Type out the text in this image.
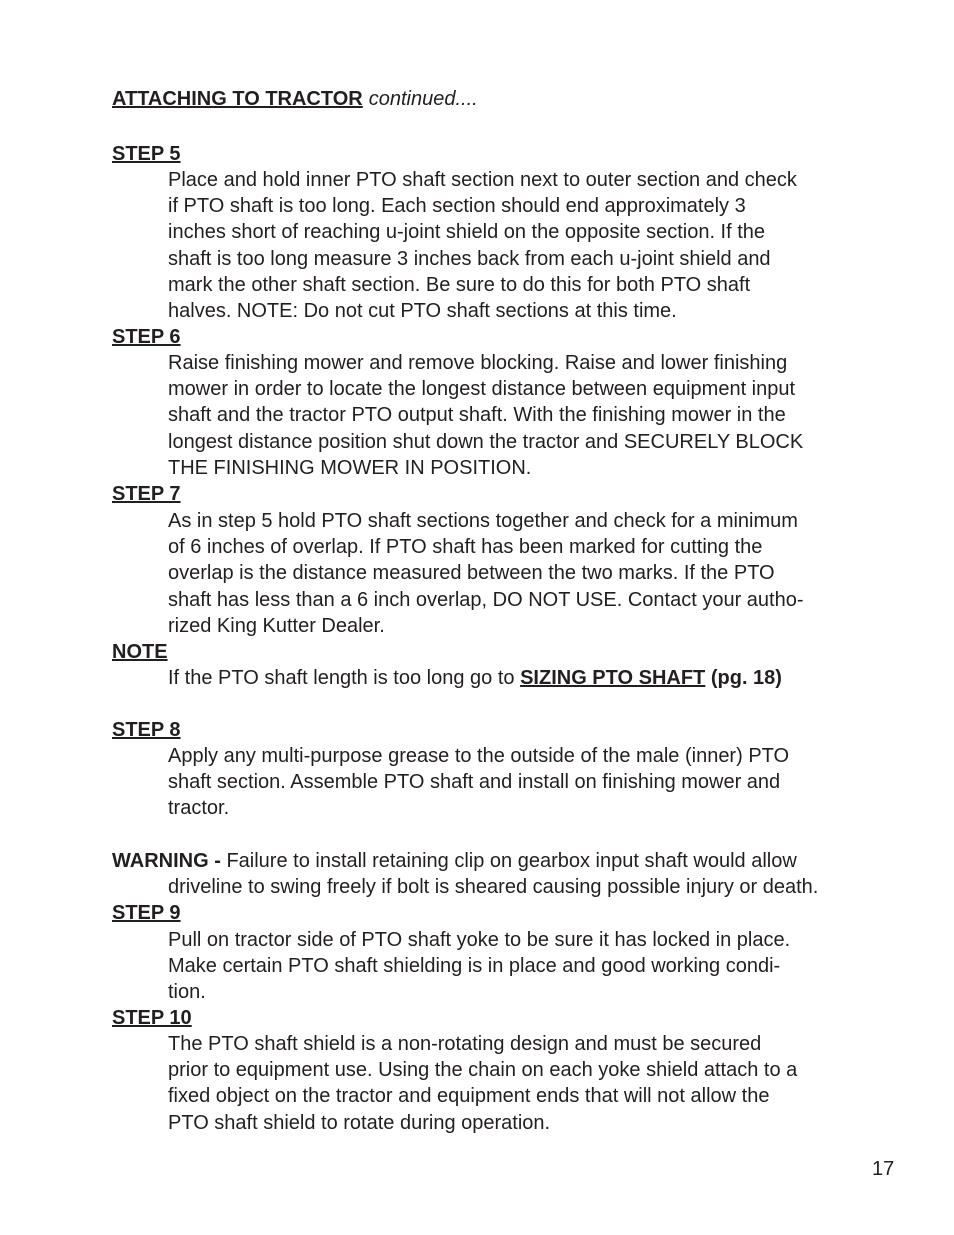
ATTACHING TO TRACTOR continued....
STEP 5
Place and hold inner PTO shaft section next to outer section and check
if PTO shaft is too long. Each section should end approximately 3
inches short of reaching u-joint shield on the opposite section. If the
shaft is too long measure 3 inches back from each u-joint shield and
mark the other shaft section. Be sure to do this for both PTO shaft
halves. NOTE: Do not cut PTO shaft sections at this time.
STEP 6
Raise finishing mower and remove blocking. Raise and lower finishing
mower in order to locate the longest distance between equipment input
shaft and the tractor PTO output shaft. With the finishing mower in the
longest distance position shut down the tractor and SECURELY BLOCK
THE FINISHING MOWER IN POSITION.
STEP 7
As in step 5 hold PTO shaft sections together and check for a minimum
of 6 inches of overlap. If PTO shaft has been marked for cutting the
overlap is the distance measured between the two marks. If the PTO
shaft has less than a 6 inch overlap, DO NOT USE. Contact your autho-
rized King Kutter Dealer.
NOTE
If the PTO shaft length is too long go to SIZING PTO SHAFT (pg. 18)
STEP 8
Apply any multi-purpose grease to the outside of the male (inner) PTO
shaft section. Assemble PTO shaft and install on finishing mower and
tractor.
WARNING - Failure to install retaining clip on gearbox input shaft would allow
driveline to swing freely if bolt is sheared causing possible injury or death.
STEP 9
Pull on tractor side of PTO shaft yoke to be sure it has locked in place.
Make certain PTO shaft shielding is in place and good working condi-
tion.
STEP 10
The PTO shaft shield is a non-rotating design and must be secured
prior to equipment use. Using the chain on each yoke shield attach to a
fixed object on the tractor and equipment ends that will not allow the
PTO shaft shield to rotate during operation.
17
